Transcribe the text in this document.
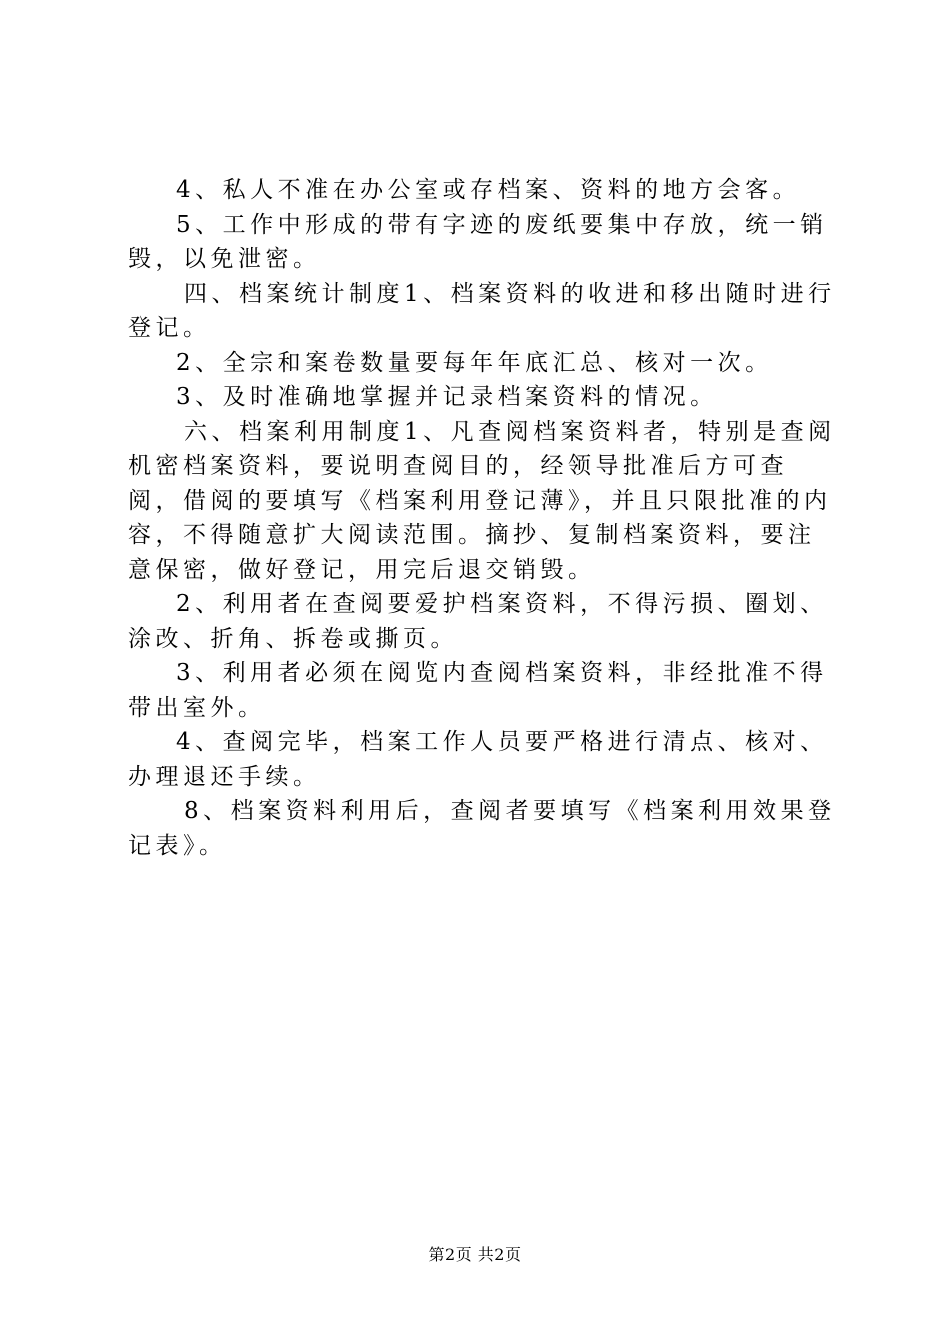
4、私人不准在办公室或存档案、资料的地方会客。

5、工作中形成的带有字迹的废纸要集中存放，统一销毁，以免泄密。

四、档案统计制度1、档案资料的收进和移出随时进行登记。

2、全宗和案卷数量要每年年底汇总、核对一次。

3、及时准确地掌握并记录档案资料的情况。

六、档案利用制度1、凡查阅档案资料者，特别是查阅机密档案资料，要说明查阅目的，经领导批准后方可查阅，借阅的要填写《档案利用登记薄》，并且只限批准的内容，不得随意扩大阅读范围。摘抄、复制档案资料，要注意保密，做好登记，用完后退交销毁。

2、利用者在查阅要爱护档案资料，不得污损、圈划、涂改、折角、拆卷或撕页。

3、利用者必须在阅览内查阅档案资料，非经批准不得带出室外。

4、查阅完毕，档案工作人员要严格进行清点、核对、办理退还手续。

8、档案资料利用后，查阅者要填写《档案利用效果登记表》。

第2页 共2页
